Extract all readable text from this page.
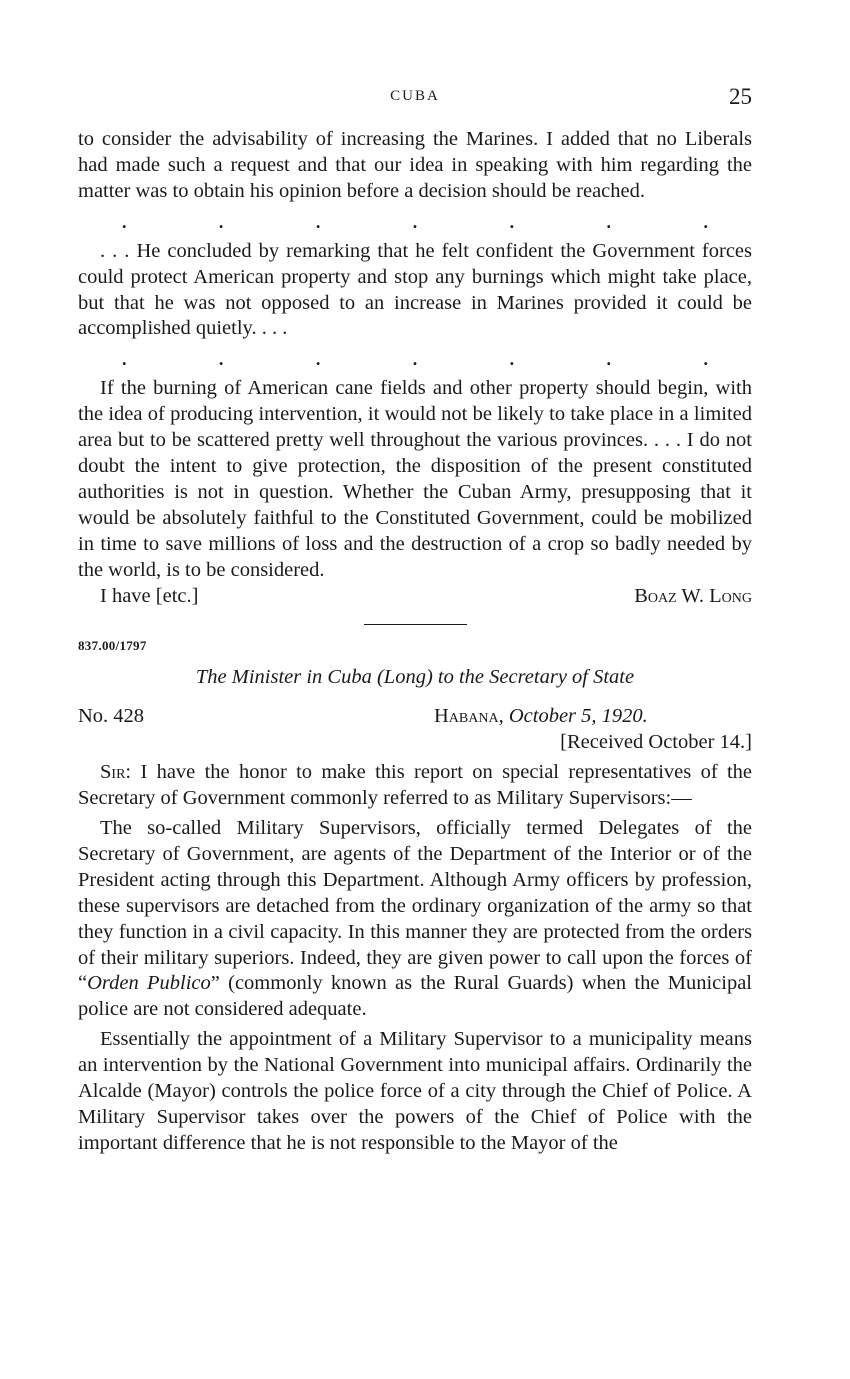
CUBA	25

to consider the advisability of increasing the Marines. I added that no Liberals had made such a request and that our idea in speaking with him regarding the matter was to obtain his opinion before a decision should be reached.

.	.	.	.	.	.	.

. . . He concluded by remarking that he felt confident the Government forces could protect American property and stop any burnings which might take place, but that he was not opposed to an increase in Marines provided it could be accomplished quietly. . . .

.	.	.	.	.	.	.

If the burning of American cane fields and other property should begin, with the idea of producing intervention, it would not be likely to take place in a limited area but to be scattered pretty well throughout the various provinces. . . . I do not doubt the intent to give protection, the disposition of the present constituted authorities is not in question. Whether the Cuban Army, presupposing that it would be absolutely faithful to the Constituted Government, could be mobilized in time to save millions of loss and the destruction of a crop so badly needed by the world, is to be considered.

I have [etc.]	Boaz W. Long
837.00/1797
The Minister in Cuba (Long) to the Secretary of State
No. 428	Habana, October 5, 1920.
[Received October 14.]

Sir: I have the honor to make this report on special representatives of the Secretary of Government commonly referred to as Military Supervisors:—

The so-called Military Supervisors, officially termed Delegates of the Secretary of Government, are agents of the Department of the Interior or of the President acting through this Department. Although Army officers by profession, these supervisors are detached from the ordinary organization of the army so that they function in a civil capacity. In this manner they are protected from the orders of their military superiors. Indeed, they are given power to call upon the forces of “Orden Publico” (commonly known as the Rural Guards) when the Municipal police are not considered adequate.

Essentially the appointment of a Military Supervisor to a municipality means an intervention by the National Government into municipal affairs. Ordinarily the Alcalde (Mayor) controls the police force of a city through the Chief of Police. A Military Supervisor takes over the powers of the Chief of Police with the important difference that he is not responsible to the Mayor of the
